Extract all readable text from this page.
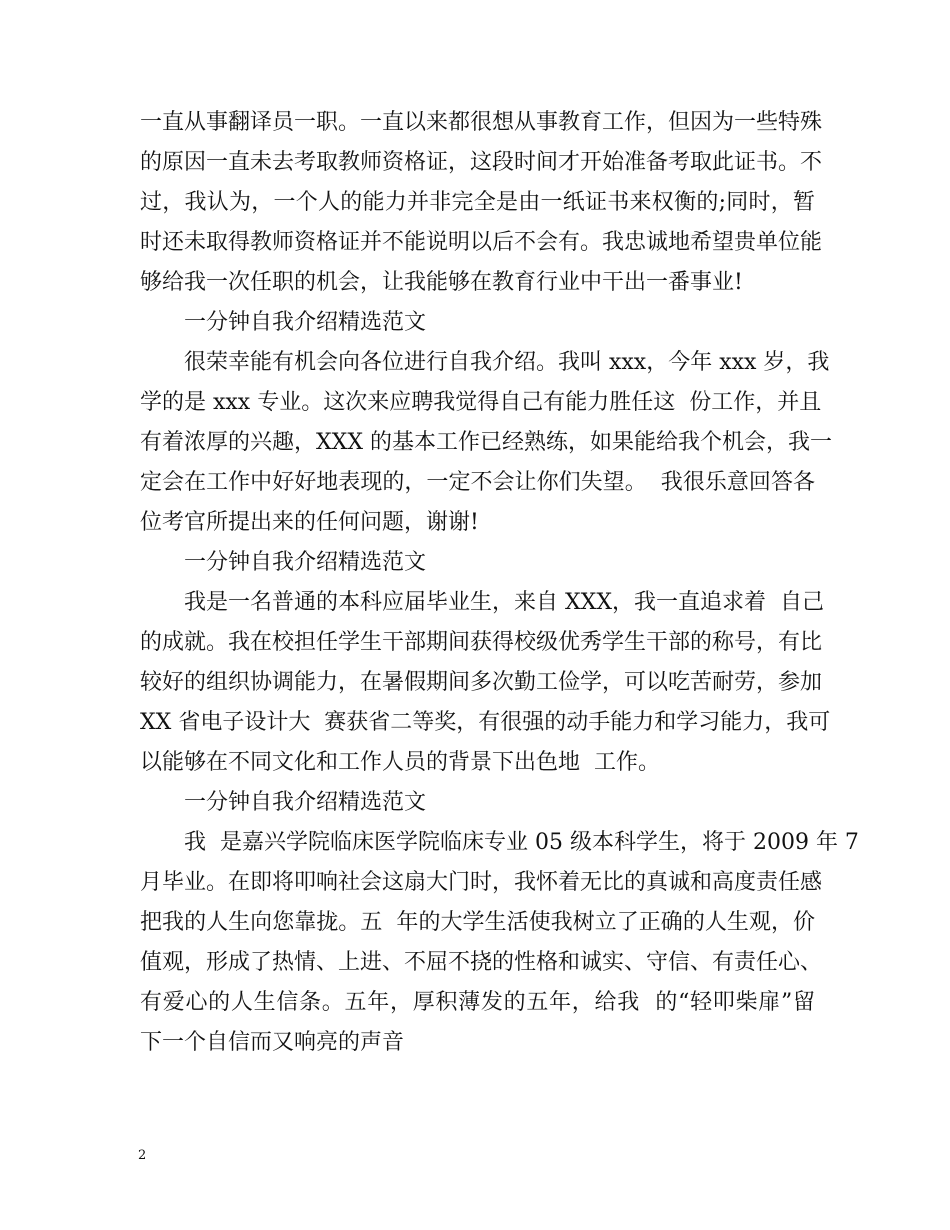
一直从事翻译员一职。一直以来都很想从事教育工作，但因为一些特殊
的原因一直未去考取教师资格证，这段时间才开始准备考取此证书。不
过，我认为，一个人的能力并非完全是由一纸证书来权衡的;同时，暂
时还未取得教师资格证并不能说明以后不会有。我忠诚地希望贵单位能
够给我一次任职的机会，让我能够在教育行业中干出一番事业!
一分钟自我介绍精选范文
很荣幸能有机会向各位进行自我介绍。我叫 xxx，今年 xxx 岁，我
学的是 xxx 专业。这次来应聘我觉得自己有能力胜任这  份工作，并且
有着浓厚的兴趣，XXX 的基本工作已经熟练，如果能给我个机会，我一
定会在工作中好好地表现的，一定不会让你们失望。  我很乐意回答各
位考官所提出来的任何问题，谢谢!
一分钟自我介绍精选范文
我是一名普通的本科应届毕业生，来自 XXX，我一直追求着  自己
的成就。我在校担任学生干部期间获得校级优秀学生干部的称号，有比
较好的组织协调能力，在暑假期间多次勤工俭学，可以吃苦耐劳，参加
XX 省电子设计大  赛获省二等奖，有很强的动手能力和学习能力，我可
以能够在不同文化和工作人员的背景下出色地  工作。
一分钟自我介绍精选范文
我  是嘉兴学院临床医学院临床专业 05 级本科学生，将于 2009 年 7
月毕业。在即将叩响社会这扇大门时，我怀着无比的真诚和高度责任感
把我的人生向您靠拢。五  年的大学生活使我树立了正确的人生观，价
值观，形成了热情、上进、不屈不挠的性格和诚实、守信、有责任心、
有爱心的人生信条。五年，厚积薄发的五年，给我  的“轻叩柴扉”留
下一个自信而又响亮的声音
2
